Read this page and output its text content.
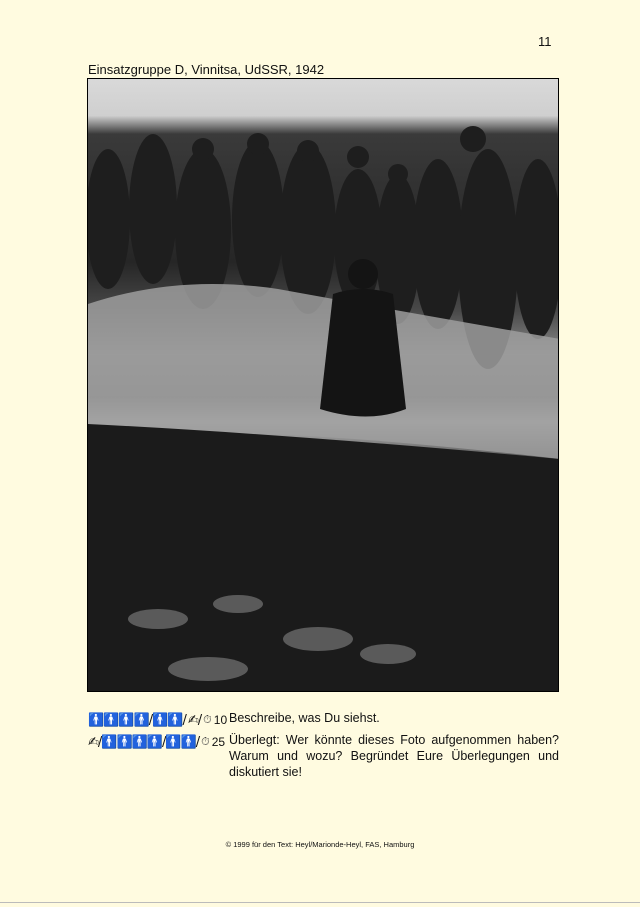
11
Einsatzgruppe D, Vinnitsa, UdSSR, 1942
🚹🚹🚹🚹/🚹🚹/ ✍/ ⏱ 10
✍/🚹🚹🚹🚹/🚹🚹/ ⏱ 25

Beschreibe, was Du siehst.

Überlegt: Wer könnte dieses Foto aufgenommen haben? Warum und wozu? Begründet Eure Überlegungen und diskutiert sie!

© 1999 für den Text: Heyl/Marionde-Heyl, FAS, Hamburg
